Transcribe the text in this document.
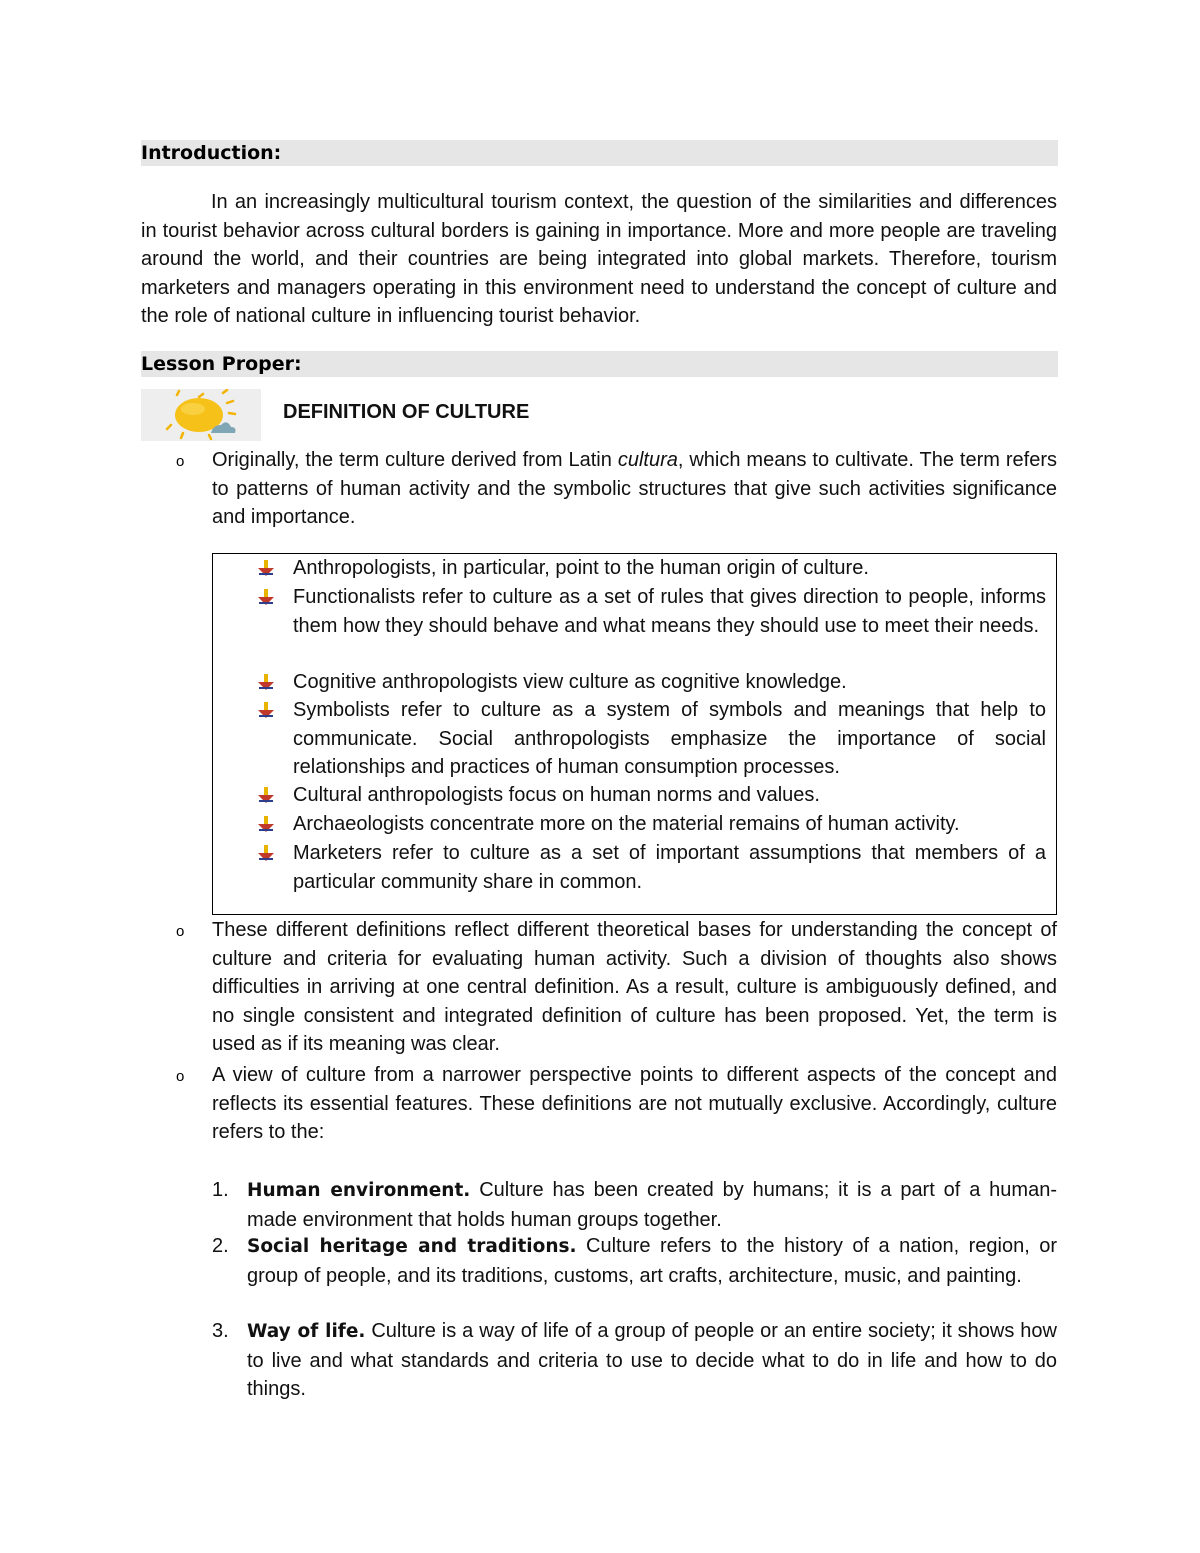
Introduction:

In an increasingly multicultural tourism context, the question of the similarities and differences in tourist behavior across cultural borders is gaining in importance. More and more people are traveling around the world, and their countries are being integrated into global markets. Therefore, tourism marketers and managers operating in this environment need to understand the concept of culture and the role of national culture in influencing tourist behavior.

Lesson Proper:
DEFINITION OF CULTURE
o Originally, the term culture derived from Latin cultura, which means to cultivate. The term refers to patterns of human activity and the symbolic structures that give such activities significance and importance.

Anthropologists, in particular, point to the human origin of culture.

Functionalists refer to culture as a set of rules that gives direction to people, informs them how they should behave and what means they should use to meet their needs.

Cognitive anthropologists view culture as cognitive knowledge.

Symbolists refer to culture as a system of symbols and meanings that help to communicate. Social anthropologists emphasize the importance of social relationships and practices of human consumption processes.

Cultural anthropologists focus on human norms and values.

Archaeologists concentrate more on the material remains of human activity.

Marketers refer to culture as a set of important assumptions that members of a particular community share in common.

o These different definitions reflect different theoretical bases for understanding the concept of culture and criteria for evaluating human activity. Such a division of thoughts also shows difficulties in arriving at one central definition. As a result, culture is ambiguously defined, and no single consistent and integrated definition of culture has been proposed. Yet, the term is used as if its meaning was clear.

o A view of culture from a narrower perspective points to different aspects of the concept and reflects its essential features. These definitions are not mutually exclusive. Accordingly, culture refers to the:

1. Human environment. Culture has been created by humans; it is a part of a human-made environment that holds human groups together.

2. Social heritage and traditions. Culture refers to the history of a nation, region, or group of people, and its traditions, customs, art crafts, architecture, music, and painting.

3. Way of life. Culture is a way of life of a group of people or an entire society; it shows how to live and what standards and criteria to use to decide what to do in life and how to do things.
